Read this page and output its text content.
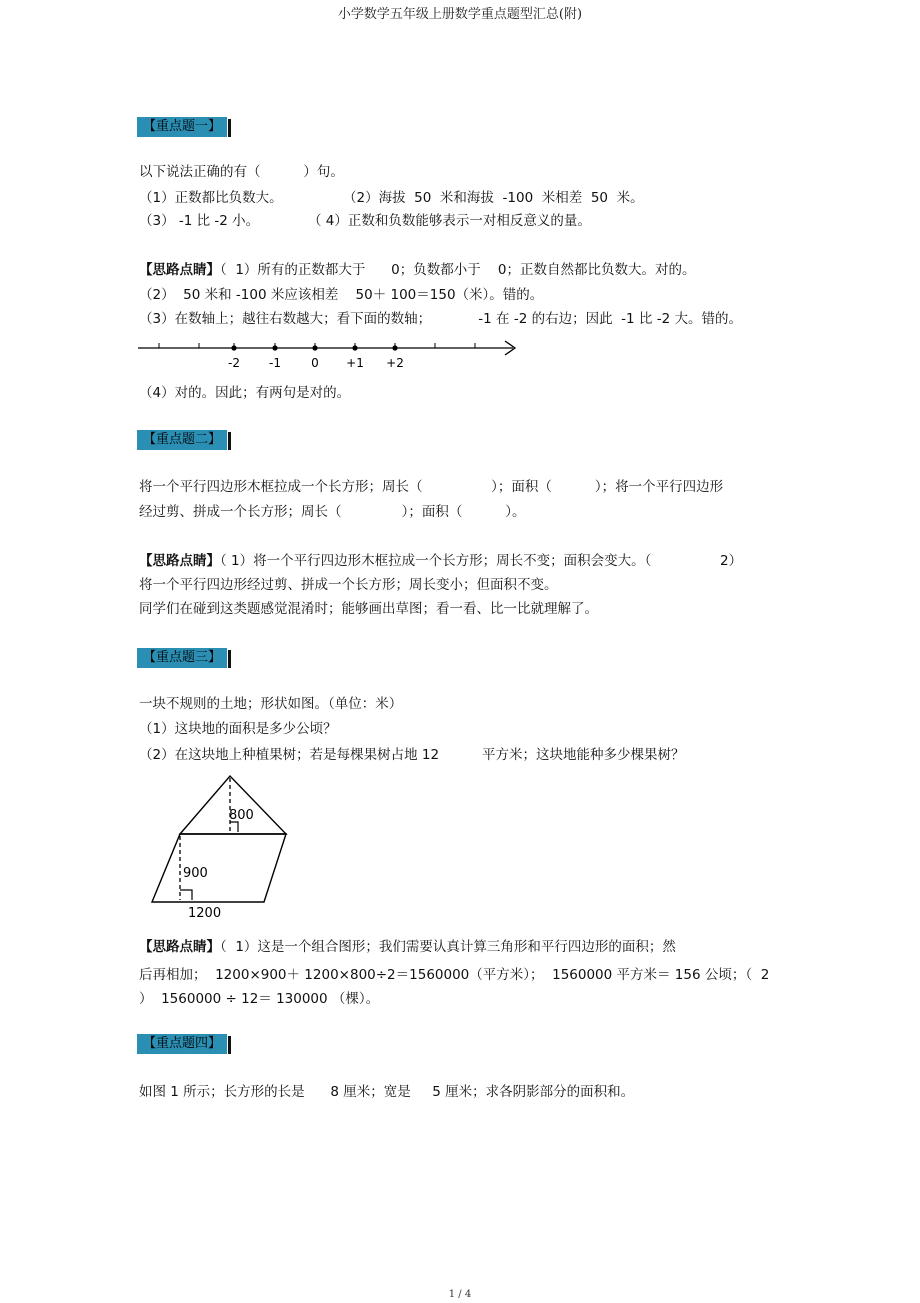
小学数学五年级上册数学重点题型汇总(附)
【重点题一】
以下说法正确的有（          ）句。
（1）正数都比负数大。	（2）海拔  50  米和海拔  -100  米相差  50  米。
（3） -1 比 -2 小。	（ 4）正数和负数能够表示一对相反意义的量。
【思路点睛】（  1）所有的正数都大于      0；负数都小于    0；正数自然都比负数大。对的。
（2）  50 米和 -100 米应该相差    50＋ 100＝150（米）。错的。
（3）在数轴上；越往右数越大；看下面的数轴；           -1 在 -2 的右边；因此  -1 比 -2 大。错的。
-2 -1	0 +1 +2
（4）对的。因此；有两句是对的。
【重点题二】
将一个平行四边形木框拉成一个长方形；周长（                ）；面积（          ）；将一个平行四边形
经过剪、拼成一个长方形；周长（              ）；面积（          ）。
【思路点睛】（ 1）将一个平行四边形木框拉成一个长方形；周长不变；面积会变大。（                2）
将一个平行四边形经过剪、拼成一个长方形；周长变小；但面积不变。
同学们在碰到这类题感觉混淆时；能够画出草图；看一看、比一比就理解了。
【重点题三】
一块不规则的土地；形状如图。（单位：米）
（1）这块地的面积是多少公顷？
（2）在这块地上种植果树；若是每棵果树占地 12          平方米；这块地能种多少棵果树？
800
900
1200
【思路点睛】（  1）这是一个组合图形；我们需要认真计算三角形和平行四边形的面积；然
后再相加；  1200×900＋ 1200×800÷2＝1560000（平方米）；  1560000 平方米＝ 156 公顷；（  2
）  1560000 ÷ 12＝ 130000 （棵）。
【重点题四】
如图 1 所示；长方形的长是      8 厘米；宽是     5 厘米；求各阴影部分的面积和。
1 / 4
